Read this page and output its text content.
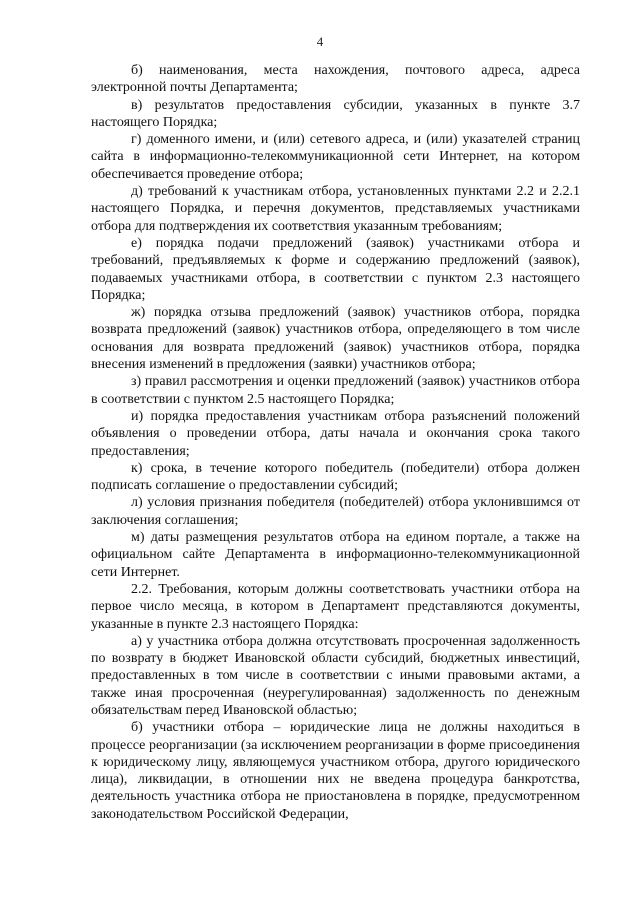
4

б) наименования, места нахождения, почтового адреса, адреса электронной почты Департамента;

в) результатов предоставления субсидии, указанных в пункте 3.7 настоящего Порядка;

г) доменного имени, и (или) сетевого адреса, и (или) указателей страниц сайта в информационно-телекоммуникационной сети Интернет, на котором обеспечивается проведение отбора;

д) требований к участникам отбора, установленных пунктами 2.2 и 2.2.1 настоящего Порядка, и перечня документов, представляемых участниками отбора для подтверждения их соответствия указанным требованиям;

е) порядка подачи предложений (заявок) участниками отбора и требований, предъявляемых к форме и содержанию предложений (заявок), подаваемых участниками отбора, в соответствии с пунктом 2.3 настоящего Порядка;

ж) порядка отзыва предложений (заявок) участников отбора, порядка возврата предложений (заявок) участников отбора, определяющего в том числе основания для возврата предложений (заявок) участников отбора, порядка внесения изменений в предложения (заявки) участников отбора;

з) правил рассмотрения и оценки предложений (заявок) участников отбора в соответствии с пунктом 2.5 настоящего Порядка;

и) порядка предоставления участникам отбора разъяснений положений объявления о проведении отбора, даты начала и окончания срока такого предоставления;

к) срока, в течение которого победитель (победители) отбора должен подписать соглашение о предоставлении субсидий;

л) условия признания победителя (победителей) отбора уклонившимся от заключения соглашения;

м) даты размещения результатов отбора на едином портале, а также на официальном сайте Департамента в информационно-телекоммуникационной сети Интернет.

2.2. Требования, которым должны соответствовать участники отбора на первое число месяца, в котором в Департамент представляются документы, указанные в пункте 2.3 настоящего Порядка:

а) у участника отбора должна отсутствовать просроченная задолженность по возврату в бюджет Ивановской области субсидий, бюджетных инвестиций, предоставленных в том числе в соответствии с иными правовыми актами, а также иная просроченная (неурегулированная) задолженность по денежным обязательствам перед Ивановской областью;

б) участники отбора – юридические лица не должны находиться в процессе реорганизации (за исключением реорганизации в форме присоединения к юридическому лицу, являющемуся участником отбора, другого юридического лица), ликвидации, в отношении них не введена процедура банкротства, деятельность участника отбора не приостановлена в порядке, предусмотренном законодательством Российской Федерации,
